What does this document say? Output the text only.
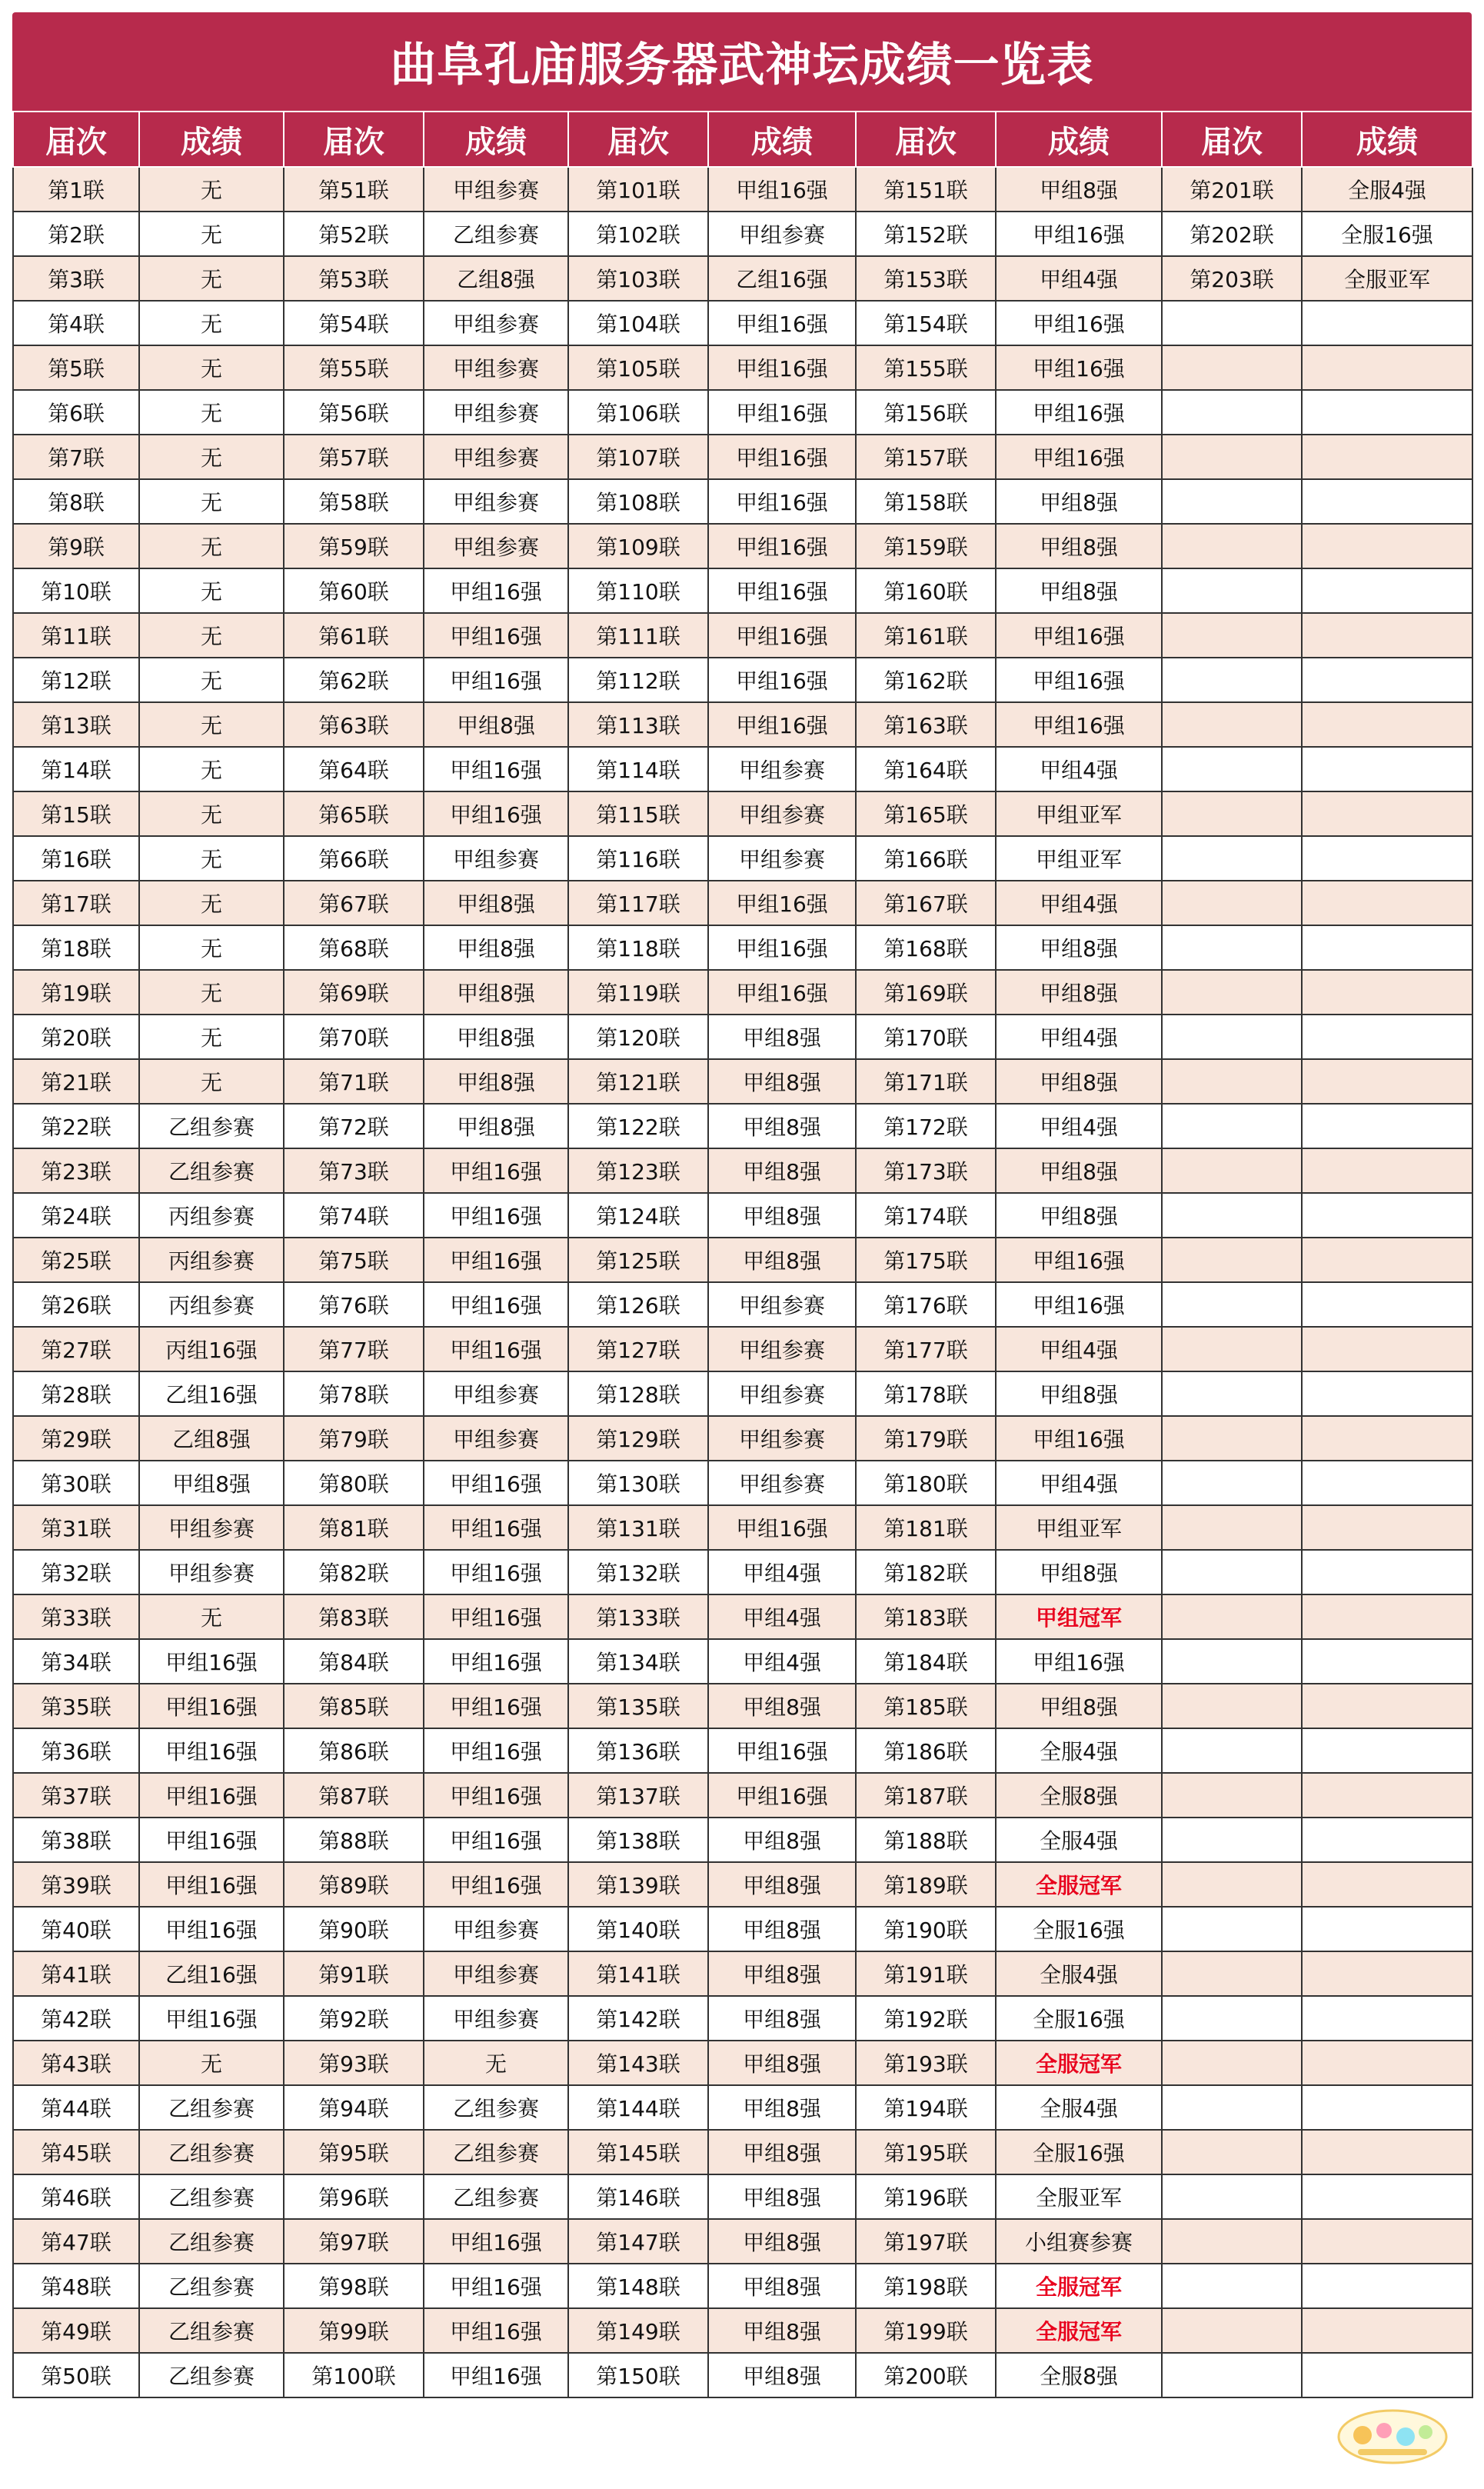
曲阜孔庙服务器武神坛成绩一览表
届次	成绩	届次	成绩	届次	成绩	届次	成绩	届次	成绩
第1联	无	第51联	甲组参赛	第101联	甲组16强	第151联	甲组8强	第201联	全服4强
第2联	无	第52联	乙组参赛	第102联	甲组参赛	第152联	甲组16强	第202联	全服16强
第3联	无	第53联	乙组8强	第103联	乙组16强	第153联	甲组4强	第203联	全服亚军
第4联	无	第54联	甲组参赛	第104联	甲组16强	第154联	甲组16强		
第5联	无	第55联	甲组参赛	第105联	甲组16强	第155联	甲组16强		
第6联	无	第56联	甲组参赛	第106联	甲组16强	第156联	甲组16强		
第7联	无	第57联	甲组参赛	第107联	甲组16强	第157联	甲组16强		
第8联	无	第58联	甲组参赛	第108联	甲组16强	第158联	甲组8强		
第9联	无	第59联	甲组参赛	第109联	甲组16强	第159联	甲组8强		
第10联	无	第60联	甲组16强	第110联	甲组16强	第160联	甲组8强		
第11联	无	第61联	甲组16强	第111联	甲组16强	第161联	甲组16强		
第12联	无	第62联	甲组16强	第112联	甲组16强	第162联	甲组16强		
第13联	无	第63联	甲组8强	第113联	甲组16强	第163联	甲组16强		
第14联	无	第64联	甲组16强	第114联	甲组参赛	第164联	甲组4强		
第15联	无	第65联	甲组16强	第115联	甲组参赛	第165联	甲组亚军		
第16联	无	第66联	甲组参赛	第116联	甲组参赛	第166联	甲组亚军		
第17联	无	第67联	甲组8强	第117联	甲组16强	第167联	甲组4强		
第18联	无	第68联	甲组8强	第118联	甲组16强	第168联	甲组8强		
第19联	无	第69联	甲组8强	第119联	甲组16强	第169联	甲组8强		
第20联	无	第70联	甲组8强	第120联	甲组8强	第170联	甲组4强		
第21联	无	第71联	甲组8强	第121联	甲组8强	第171联	甲组8强		
第22联	乙组参赛	第72联	甲组8强	第122联	甲组8强	第172联	甲组4强		
第23联	乙组参赛	第73联	甲组16强	第123联	甲组8强	第173联	甲组8强		
第24联	丙组参赛	第74联	甲组16强	第124联	甲组8强	第174联	甲组8强		
第25联	丙组参赛	第75联	甲组16强	第125联	甲组8强	第175联	甲组16强		
第26联	丙组参赛	第76联	甲组16强	第126联	甲组参赛	第176联	甲组16强		
第27联	丙组16强	第77联	甲组16强	第127联	甲组参赛	第177联	甲组4强		
第28联	乙组16强	第78联	甲组参赛	第128联	甲组参赛	第178联	甲组8强		
第29联	乙组8强	第79联	甲组参赛	第129联	甲组参赛	第179联	甲组16强		
第30联	甲组8强	第80联	甲组16强	第130联	甲组参赛	第180联	甲组4强		
第31联	甲组参赛	第81联	甲组16强	第131联	甲组16强	第181联	甲组亚军		
第32联	甲组参赛	第82联	甲组16强	第132联	甲组4强	第182联	甲组8强		
第33联	无	第83联	甲组16强	第133联	甲组4强	第183联	甲组冠军		
第34联	甲组16强	第84联	甲组16强	第134联	甲组4强	第184联	甲组16强		
第35联	甲组16强	第85联	甲组16强	第135联	甲组8强	第185联	甲组8强		
第36联	甲组16强	第86联	甲组16强	第136联	甲组16强	第186联	全服4强		
第37联	甲组16强	第87联	甲组16强	第137联	甲组16强	第187联	全服8强		
第38联	甲组16强	第88联	甲组16强	第138联	甲组8强	第188联	全服4强		
第39联	甲组16强	第89联	甲组16强	第139联	甲组8强	第189联	全服冠军		
第40联	甲组16强	第90联	甲组参赛	第140联	甲组8强	第190联	全服16强		
第41联	乙组16强	第91联	甲组参赛	第141联	甲组8强	第191联	全服4强		
第42联	甲组16强	第92联	甲组参赛	第142联	甲组8强	第192联	全服16强		
第43联	无	第93联	无	第143联	甲组8强	第193联	全服冠军		
第44联	乙组参赛	第94联	乙组参赛	第144联	甲组8强	第194联	全服4强		
第45联	乙组参赛	第95联	乙组参赛	第145联	甲组8强	第195联	全服16强		
第46联	乙组参赛	第96联	乙组参赛	第146联	甲组8强	第196联	全服亚军		
第47联	乙组参赛	第97联	甲组16强	第147联	甲组8强	第197联	小组赛参赛		
第48联	乙组参赛	第98联	甲组16强	第148联	甲组8强	第198联	全服冠军		
第49联	乙组参赛	第99联	甲组16强	第149联	甲组8强	第199联	全服冠军		
第50联	乙组参赛	第100联	甲组16强	第150联	甲组8强	第200联	全服8强		
